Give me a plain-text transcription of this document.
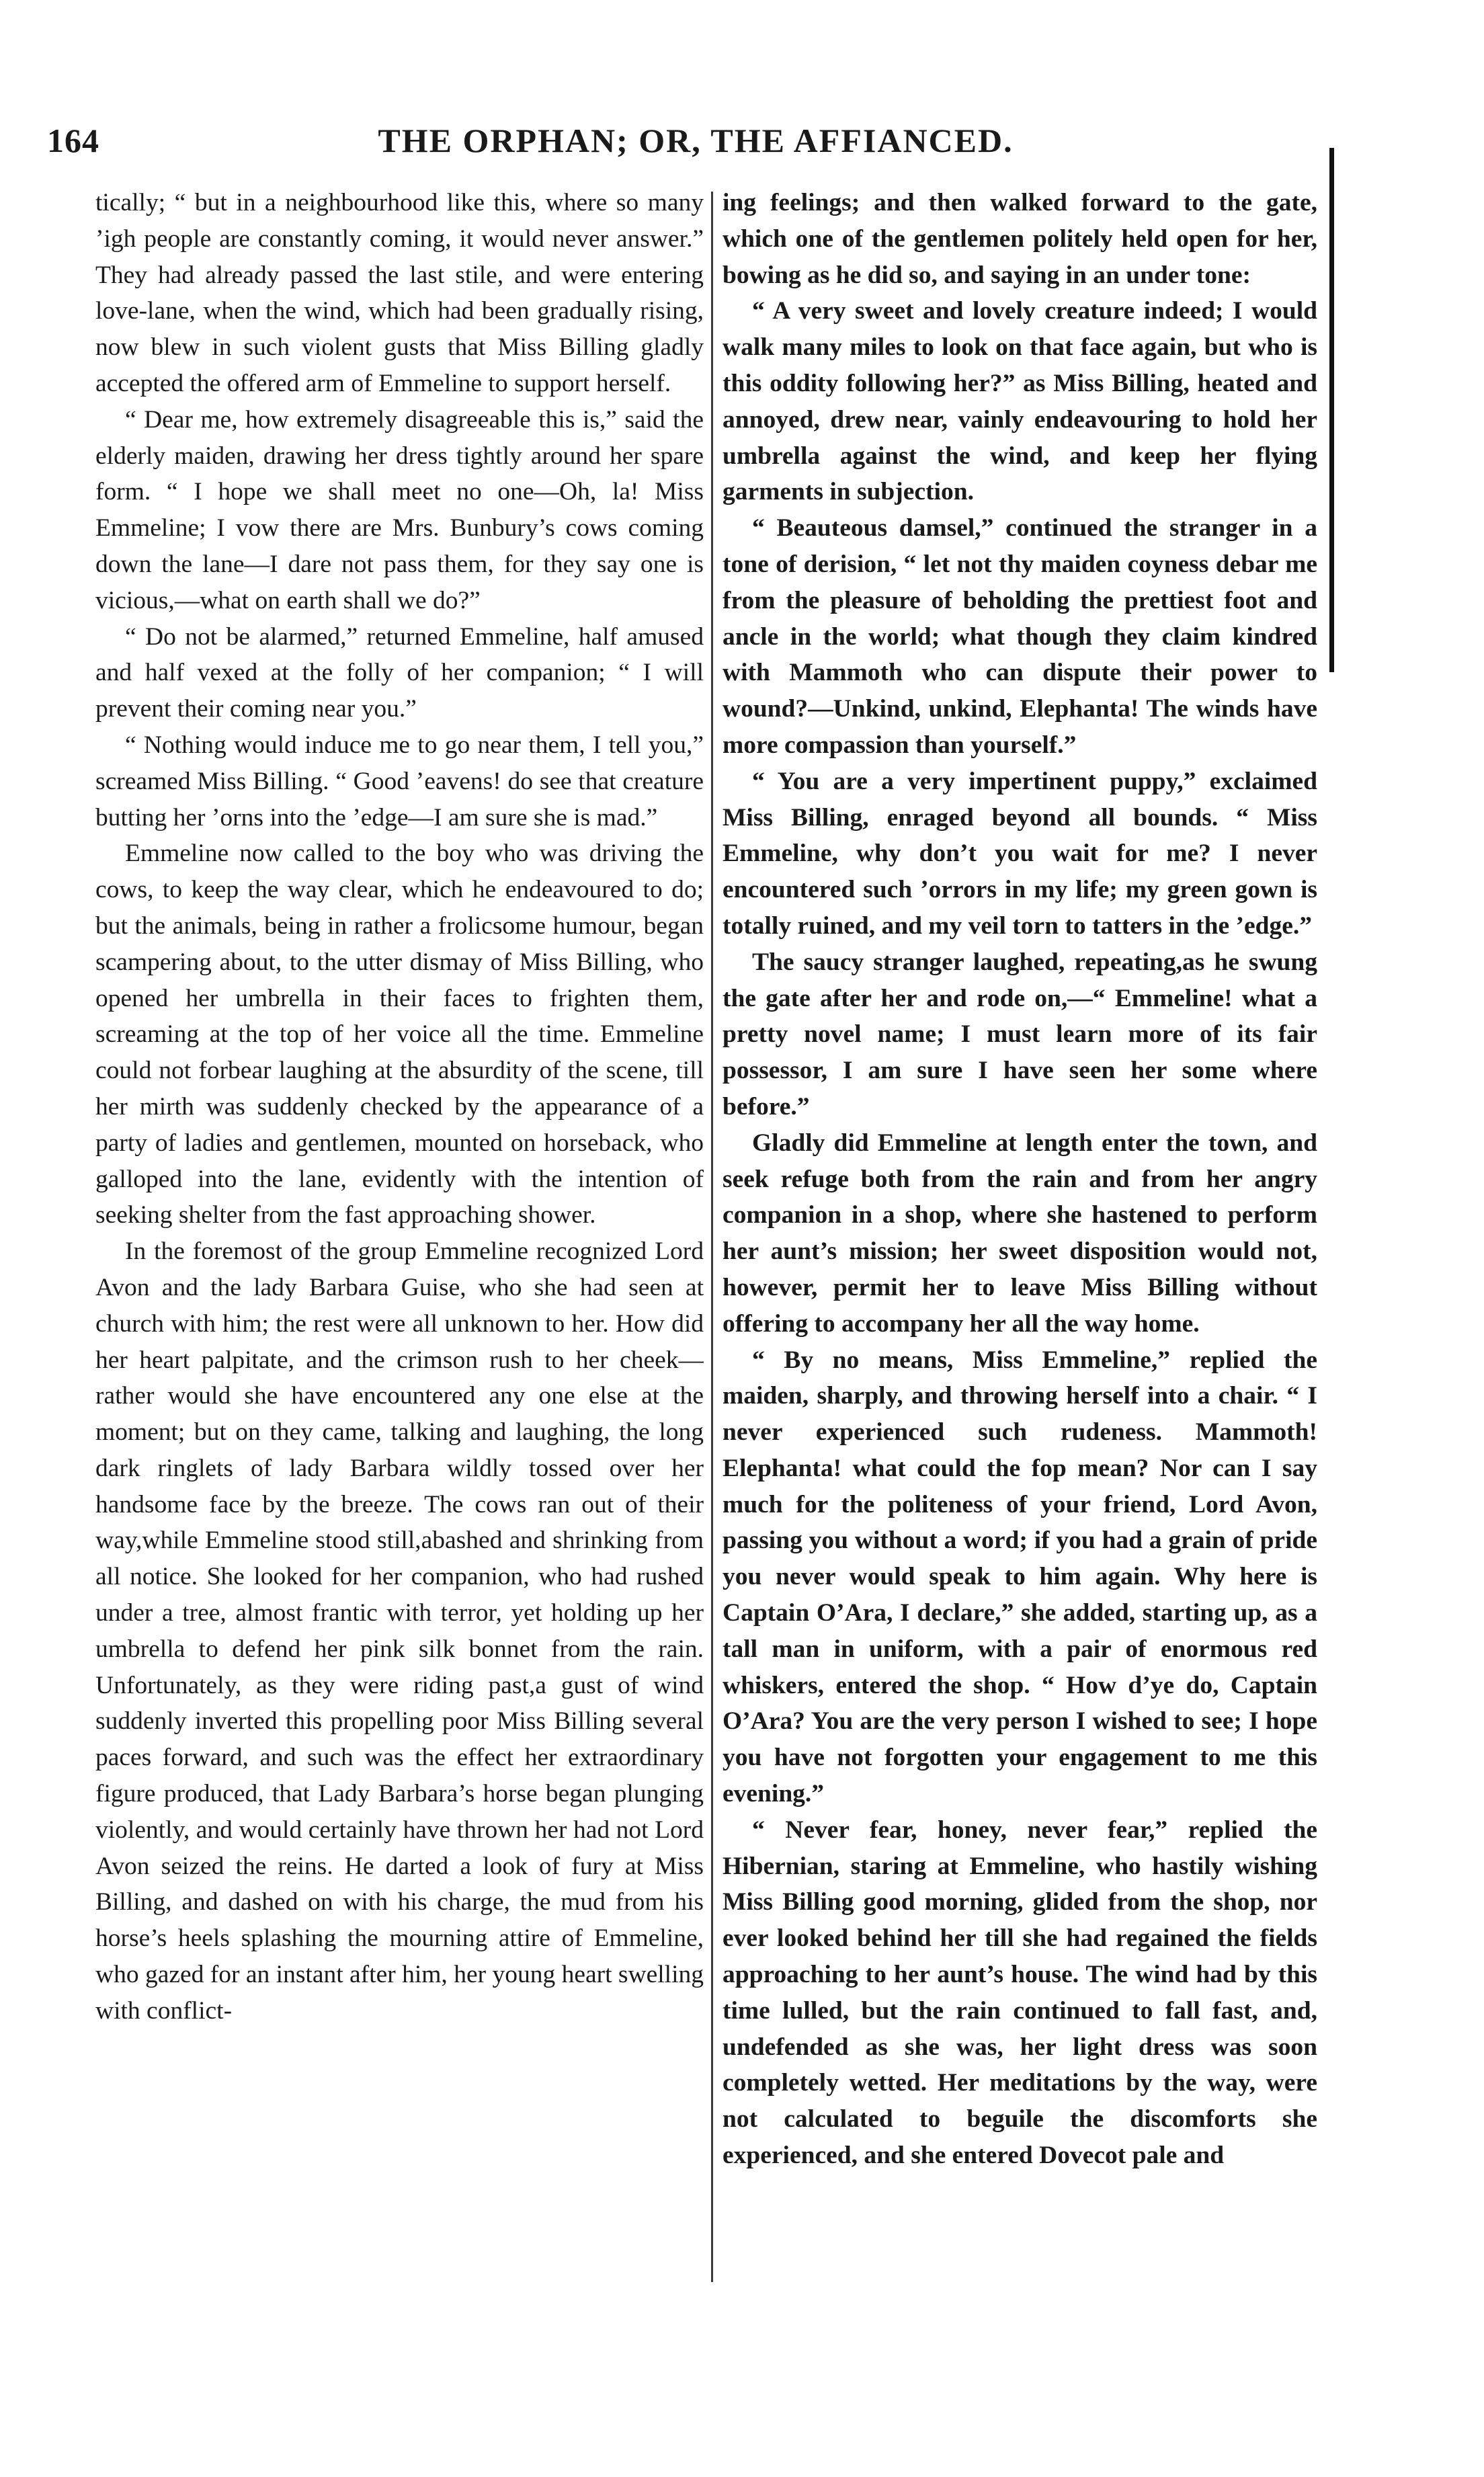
164	THE ORPHAN; OR, THE AFFIANCED.

tically; “ but in a neighbourhood like this, where so many ’igh people are constantly coming, it would never answer.” They had already passed the last stile, and were entering love-lane, when the wind, which had been gradually rising, now blew in such violent gusts that Miss Billing gladly accepted the offered arm of Emmeline to support herself.

“ Dear me, how extremely disagreeable this is,” said the elderly maiden, drawing her dress tightly around her spare form. “ I hope we shall meet no one—Oh, la! Miss Emmeline; I vow there are Mrs. Bunbury’s cows coming down the lane—I dare not pass them, for they say one is vicious,—what on earth shall we do?”

“ Do not be alarmed,” returned Emmeline, half amused and half vexed at the folly of her companion; “ I will prevent their coming near you.”

“ Nothing would induce me to go near them, I tell you,” screamed Miss Billing. “ Good ’eavens! do see that creature butting her ’orns into the ’edge—I am sure she is mad.”

Emmeline now called to the boy who was driving the cows, to keep the way clear, which he endeavoured to do; but the animals, being in rather a frolicsome humour, began scampering about, to the utter dismay of Miss Billing, who opened her umbrella in their faces to frighten them, screaming at the top of her voice all the time. Emmeline could not forbear laughing at the absurdity of the scene, till her mirth was suddenly checked by the appearance of a party of ladies and gentlemen, mounted on horseback, who galloped into the lane, evidently with the intention of seeking shelter from the fast approaching shower.

In the foremost of the group Emmeline recognized Lord Avon and the lady Barbara Guise, who she had seen at church with him; the rest were all unknown to her. How did her heart palpitate, and the crimson rush to her cheek—rather would she have encountered any one else at the moment; but on they came, talking and laughing, the long dark ringlets of lady Barbara wildly tossed over her handsome face by the breeze. The cows ran out of their way,while Emmeline stood still,abashed and shrinking from all notice. She looked for her companion, who had rushed under a tree, almost frantic with terror, yet holding up her umbrella to defend her pink silk bonnet from the rain. Unfortunately, as they were riding past,a gust of wind suddenly inverted this propelling poor Miss Billing several paces forward, and such was the effect her extraordinary figure produced, that Lady Barbara’s horse began plunging violently, and would certainly have thrown her had not Lord Avon seized the reins. He darted a look of fury at Miss Billing, and dashed on with his charge, the mud from his horse’s heels splashing the mourning attire of Emmeline, who gazed for an instant after him, her young heart swelling with conflict-

ing feelings; and then walked forward to the gate, which one of the gentlemen politely held open for her, bowing as he did so, and saying in an under tone:

“ A very sweet and lovely creature indeed; I would walk many miles to look on that face again, but who is this oddity following her?” as Miss Billing, heated and annoyed, drew near, vainly endeavouring to hold her umbrella against the wind, and keep her flying garments in subjection.

“ Beauteous damsel,” continued the stranger in a tone of derision, “ let not thy maiden coyness debar me from the pleasure of beholding the prettiest foot and ancle in the world; what though they claim kindred with Mammoth who can dispute their power to wound?—Unkind, unkind, Elephanta! The winds have more compassion than yourself.”

“ You are a very impertinent puppy,” exclaimed Miss Billing, enraged beyond all bounds. “ Miss Emmeline, why don’t you wait for me? I never encountered such ’orrors in my life; my green gown is totally ruined, and my veil torn to tatters in the ’edge.”

The saucy stranger laughed, repeating,as he swung the gate after her and rode on,—“ Emmeline! what a pretty novel name; I must learn more of its fair possessor, I am sure I have seen her some where before.”

Gladly did Emmeline at length enter the town, and seek refuge both from the rain and from her angry companion in a shop, where she hastened to perform her aunt’s mission; her sweet disposition would not, however, permit her to leave Miss Billing without offering to accompany her all the way home.

“ By no means, Miss Emmeline,” replied the maiden, sharply, and throwing herself into a chair. “ I never experienced such rudeness. Mammoth! Elephanta! what could the fop mean? Nor can I say much for the politeness of your friend, Lord Avon, passing you without a word; if you had a grain of pride you never would speak to him again. Why here is Captain O’Ara, I declare,” she added, starting up, as a tall man in uniform, with a pair of enormous red whiskers, entered the shop. “ How d’ye do, Captain O’Ara? You are the very person I wished to see; I hope you have not forgotten your engagement to me this evening.”

“ Never fear, honey, never fear,” replied the Hibernian, staring at Emmeline, who hastily wishing Miss Billing good morning, glided from the shop, nor ever looked behind her till she had regained the fields approaching to her aunt’s house. The wind had by this time lulled, but the rain continued to fall fast, and, undefended as she was, her light dress was soon completely wetted. Her meditations by the way, were not calculated to beguile the discomforts she experienced, and she entered Dovecot pale and
